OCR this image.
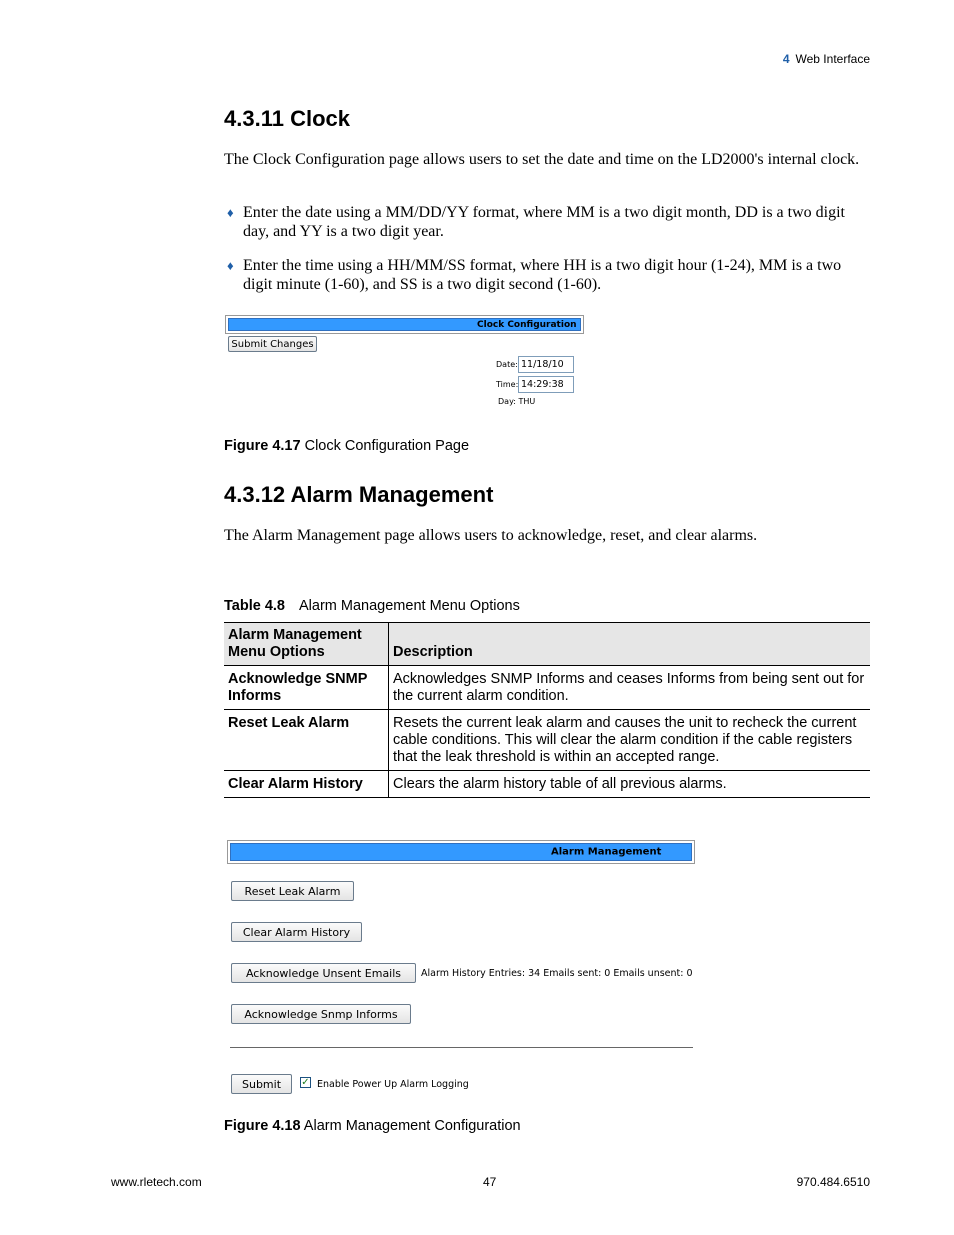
4 Web Interface
4.3.11 Clock

The Clock Configuration page allows users to set the date and time on the LD2000's internal clock.

♦ Enter the date using a MM/DD/YY format, where MM is a two digit month, DD is a two digit day, and YY is a two digit year.
♦ Enter the time using a HH/MM/SS format, where HH is a two digit hour (1-24), MM is a two digit minute (1-60), and SS is a two digit second (1-60).
Clock Configuration
Submit Changes
Date:
11/18/10
Time:
14:29:38
Day: THU
Figure 4.17 Clock Configuration Page
4.3.12 Alarm Management

The Alarm Management page allows users to acknowledge, reset, and clear alarms.

Table 4.8 Alarm Management Menu Options
Alarm Management Menu Options	Description
Acknowledge SNMP Informs	Acknowledges SNMP Informs and ceases Informs from being sent out for the current alarm condition.
Reset Leak Alarm	Resets the current leak alarm and causes the unit to recheck the current cable conditions. This will clear the alarm condition if the cable registers that the leak threshold is within an accepted range.
Clear Alarm History	Clears the alarm history table of all previous alarms.
Alarm Management
Reset Leak Alarm
Clear Alarm History
Acknowledge Unsent Emails	Alarm History Entries: 34 Emails sent: 0 Emails unsent: 0
Acknowledge Snmp Informs
Submit	✓ Enable Power Up Alarm Logging
Figure 4.18 Alarm Management Configuration
www.rletech.com	47	970.484.6510
